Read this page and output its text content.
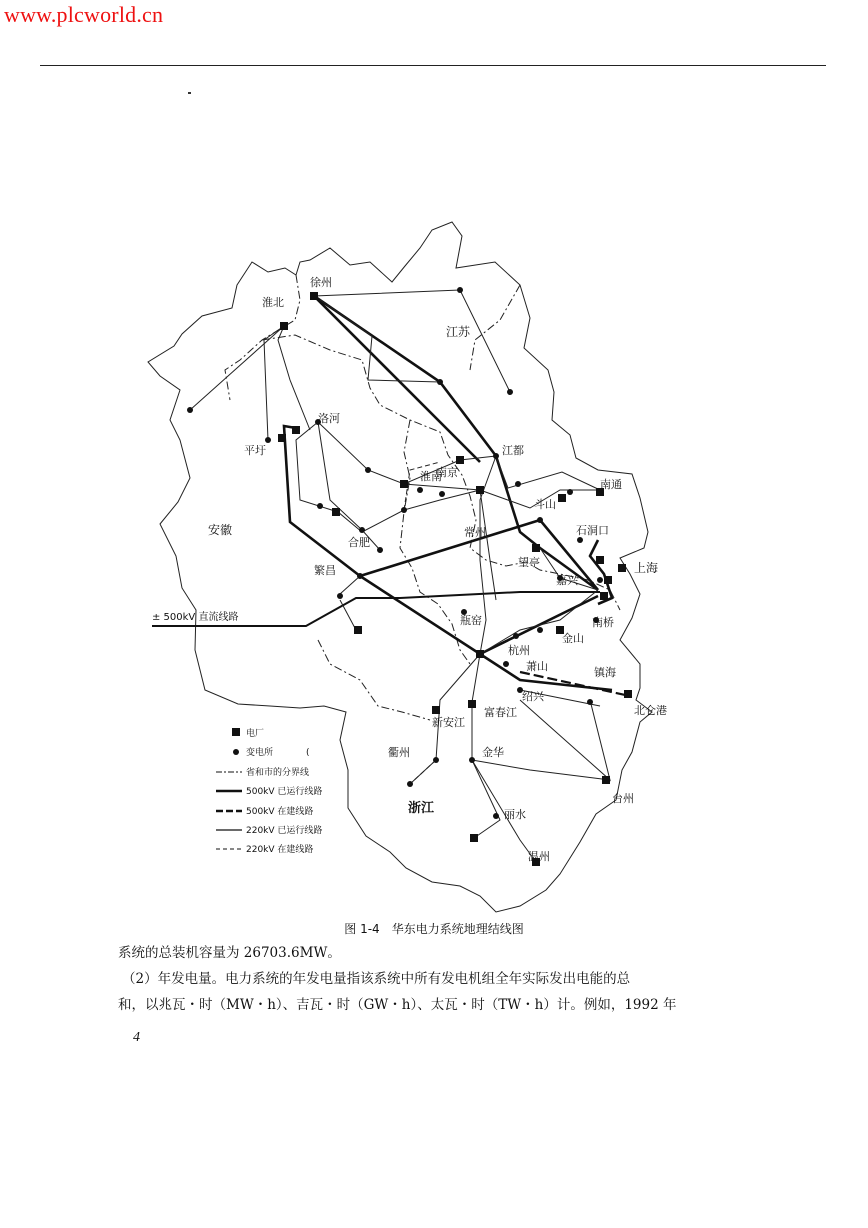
www.plcworld.cn
江苏
安徽
浙江
徐州
淮北
洛河
平圩
淮南
南京
江都
南通
斗山
石洞口
上海
合肥
繁昌
常州
望亭
嘉兴
南桥
金山
瓶窑
杭州
萧山	镇海
北仑港
绍兴
富春江
新安江
衢州	金华
台州
丽水
温州
± 500kV 直流线路
电厂
变电所	(
省和市的分界线
500kV 已运行线路
500kV 在建线路
220kV 已运行线路
220kV 在建线路
图 1-4　华东电力系统地理结线图
系统的总装机容量为 26703.6MW。
（2）年发电量。电力系统的年发电量指该系统中所有发电机组全年实际发出电能的总
和，以兆瓦・时（MW・h）、吉瓦・时（GW・h）、太瓦・时（TW・h）计。例如，1992 年
4
